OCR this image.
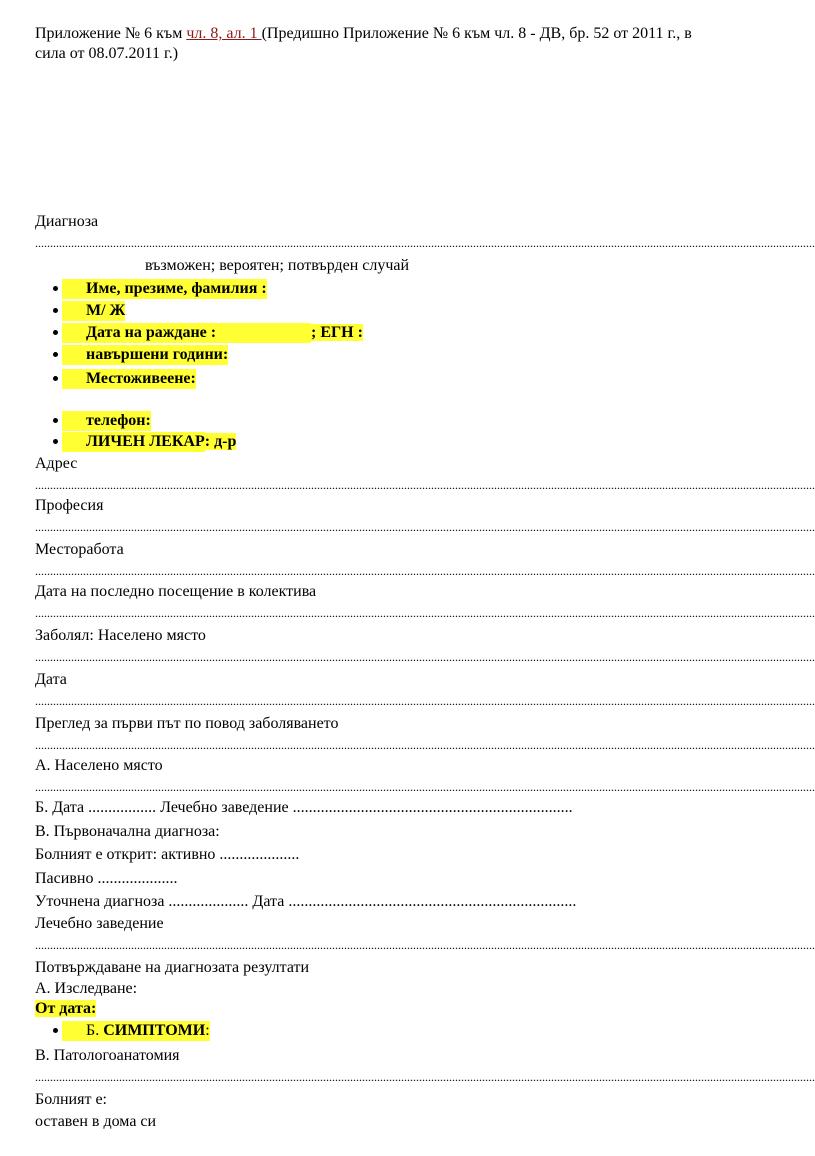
Приложение № 6 към чл. 8, ал. 1 (Предишно Приложение № 6 към чл. 8 - ДВ, бр. 52 от 2011 г., в сила от 08.07.2011 г.)
Диагноза
....................................................................................................................................................................................................................................................................
възможен; вероятен; потвърден случай
Име, презиме, фамилия :
М/ Ж
Дата на раждане :	; ЕГН :
навършени години:
Местоживеене:
телефон:
ЛИЧЕН ЛЕКАР: д-р
Адрес
....................................................................................................................................................................................................................................................................
Професия
....................................................................................................................................................................................................................................................................
Месторабота
....................................................................................................................................................................................................................................................................
Дата на последно посещение в колектива
....................................................................................................................................................................................................................................................................
Заболял: Населено място
....................................................................................................................................................................................................................................................................
Дата
....................................................................................................................................................................................................................................................................
Преглед за първи път по повод заболяването
....................................................................................................................................................................................................................................................................
А. Населено място
....................................................................................................................................................................................................................................................................
Б. Дата ................. Лечебно заведение ......................................................................
В. Първоначална диагноза:
Болният е открит: активно ....................
Пасивно ....................
Уточнена диагноза .................... Дата ........................................................................
Лечебно заведение
....................................................................................................................................................................................................................................................................
Потвърждаване на диагнозата резултати
А. Изследване:
От дата:
Б. СИМПТОМИ:
В. Патологоанатомия
....................................................................................................................................................................................................................................................................
Болният е:
оставен в дома си
